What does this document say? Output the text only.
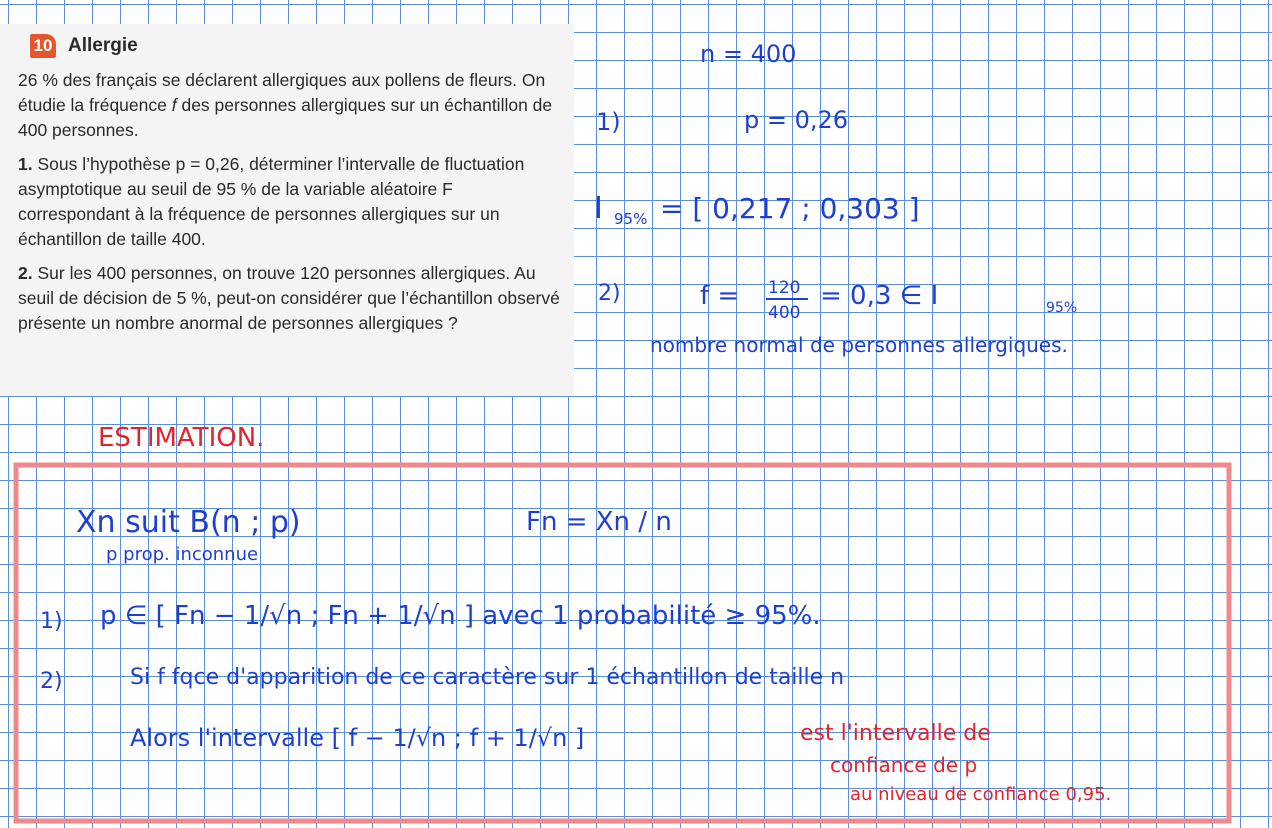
10 Allergie

26 % des français se déclarent allergiques aux pollens de fleurs. On étudie la fréquence f des personnes allergiques sur un échantillon de 400 personnes.

1. Sous l’hypothèse p = 0,26, déterminer l’intervalle de fluctuation asymptotique au seuil de 95 % de la variable aléatoire F correspondant à la fréquence de personnes allergiques sur un échantillon de taille 400.

2. Sur les 400 personnes, on trouve 120 personnes allergiques. Au seuil de décision de 5 %, peut-on considérer que l’échantillon observé présente un nombre anormal de personnes allergiques ?

n = 400
1)	p = 0,26
I 95% = [ 0,217 ; 0,303 ]
2)	f = 120
400
= 0,3 ∈ I	95%
nombre normal de personnes allergiques.
ESTIMATION.
Xn suit B(n ; p)
p prop. inconnue
Fn = Xn / n
1) p ∈ [ Fn − 1/√n ; Fn + 1/√n ] avec 1 probabilité ≥ 95%.
2)	Si f fqce d'apparition de ce caractère sur 1 échantillon de taille n
Alors l'intervalle [ f − 1/√n ; f + 1/√n ]	est l'intervalle de
confiance de p
au niveau de confiance 0,95.
